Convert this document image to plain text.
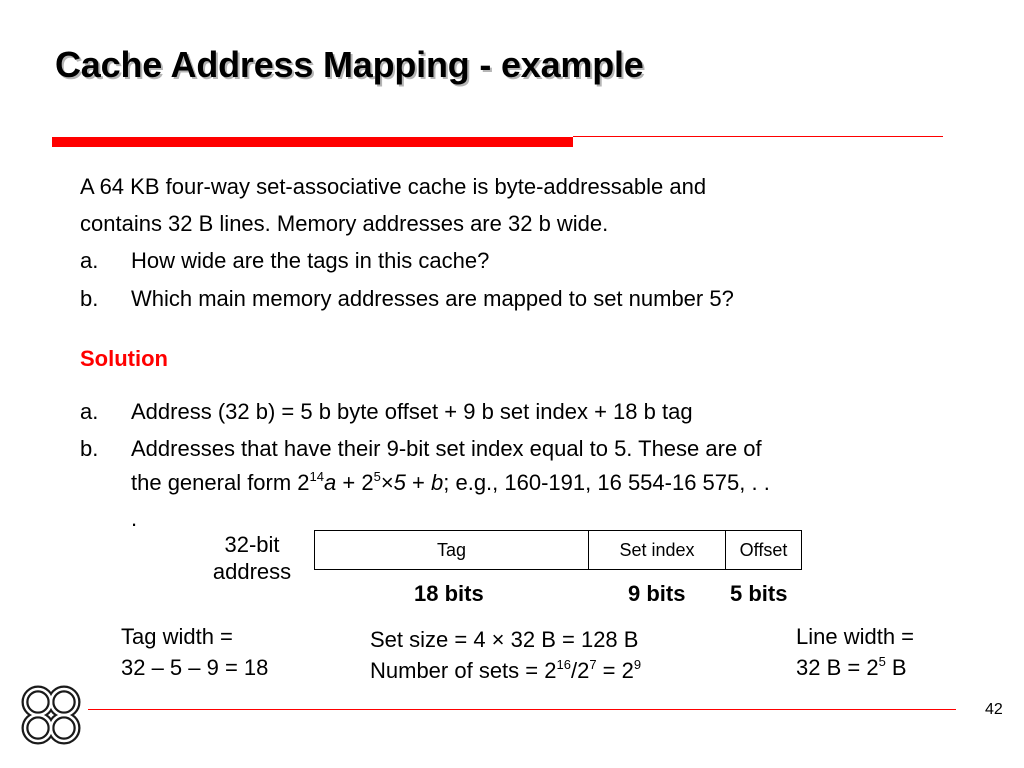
Cache Address Mapping - example
A 64 KB four-way set-associative cache is byte-addressable and
contains 32 B lines. Memory addresses are 32 b wide.
a. How wide are the tags in this cache?
b. Which main memory addresses are mapped to set number 5?
Solution
a. Address (32 b) = 5 b byte offset + 9 b set index + 18 b tag
b. Addresses that have their 9-bit set index equal to 5. These are of
the general form $2^{14}a + 2^5\times 5 + b$; e.g., 160-191, 16 554-16 575, . .
.
32-bit
address
Tag	Set index	Offset
18 bits	9 bits 5 bits
Tag width =
32 – 5 – 9 = 18
Set size = 4 × 32 B = 128 B
Number of sets = $2^{16}/2^7 = 2^9$
Line width =
32 $B = 2^5$ B
42
